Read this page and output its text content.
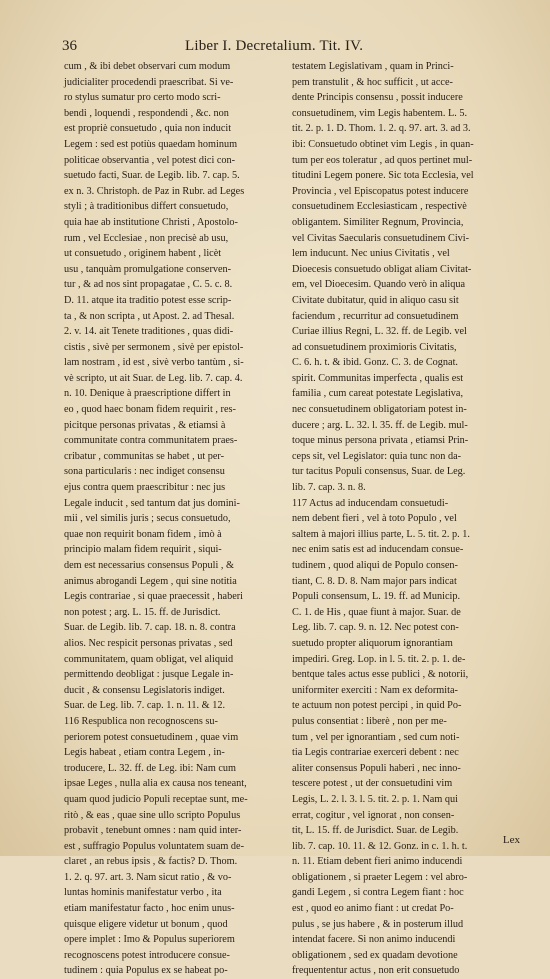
36	Liber I. Decretalium. Tit. IV.
cum , & ibi debet observari cum modum
judicialiter procedendi praescribat. Si ve-
ro stylus sumatur pro certo modo scri-
bendi , loquendi , respondendi , &c. non
est propriè consuetudo , quia non inducit
Legem : sed est potiùs quaedam hominum
politicae observantia , vel potest dici con-
suetudo facti, Suar. de Legib. lib. 7. cap. 5.
ex n. 3. Christoph. de Paz in Rubr. ad Leges
styli ; à traditionibus differt consuetudo,
quia hae ab institutione Christi , Apostolo-
rum , vel Ecclesiae , non precisè ab usu,
ut consuetudo , originem habent , licèt
usu , tanquàm promulgatione conserven-
tur , & ad nos sint propagatae , C. 5. c. 8.
D. 11. atque ita traditio potest esse scrip-
ta , & non scripta , ut Apost. 2. ad Thesal.
2. v. 14. ait Tenete traditiones , quas didi-
cistis , sivè per sermonem , sivè per epistol-
lam nostram , id est , sivè verbo tantùm , si-
vè scripto, ut ait Suar. de Leg. lib. 7. cap. 4.
n. 10. Denique à praescriptione differt in
eo , quod haec bonam fidem requirit , res-
picitque personas privatas , & etiamsi à
communitate contra communitatem praes-
cribatur , communitas se habet , ut per-
sona particularis : nec indiget consensu
ejus contra quem praescribitur : nec jus
Legale inducit , sed tantum dat jus domini-
mii , vel similis juris ; secus consuetudo,
quae non requirit bonam fidem , imò à
principio malam fidem requirit , siqui-
dem est necessarius consensus Populi , &
animus abrogandi Legem , qui sine notitia
Legis contrariae , si quae praecessit , haberi
non potest ; arg. L. 15. ff. de Jurisdict.
Suar. de Legib. lib. 7. cap. 18. n. 8. contra
alios. Nec respicit personas privatas , sed
communitatem, quam obligat, vel aliquid
permittendo deobligat : jusque Legale in-
ducit , & consensu Legislatoris indiget.
Suar. de Leg. lib. 7. cap. 1. n. 11. & 12.
116 Respublica non recognoscens su-
periorem potest consuetudinem , quae vim
Legis habeat , etiam contra Legem , in-
troducere, L. 32. ff. de Leg. ibi: Nam cum
ipsae Leges , nulla alia ex causa nos teneant,
quam quod judicio Populi receptae sunt, me-
ritò , & eas , quae sine ullo scripto Populus
probavit , tenebunt omnes : nam quid inter-
est , suffragio Populus voluntatem suam de-
claret , an rebus ipsis , & factis? D. Thom.
1. 2. q. 97. art. 3. Nam sicut ratio , & vo-
luntas hominis manifestatur verbo , ita
etiam manifestatur facto , hoc enim unus-
quisque eligere videtur ut bonum , quod
opere implet : Imo & Populus superiorem
recognoscens potest introducere consue-
tudinem : quia Populus ex se habeat po-
testatem Legislativam , quam in Princi-
pem transtulit , & hoc sufficit , ut acce-
dente Principis consensu , possit inducere
consuetudinem, vim Legis habentem. L. 5.
tit. 2. p. 1. D. Thom. 1. 2. q. 97. art. 3. ad 3.
ibi: Consuetudo obtinet vim Legis , in quan-
tum per eos toleratur , ad quos pertinet mul-
titudini Legem ponere. Sic tota Ecclesia, vel
Provincia , vel Episcopatus potest inducere
consuetudinem Ecclesiasticam , respectivè
obligantem. Similiter Regnum, Provincia,
vel Civitas Saecularis consuetudinem Civi-
lem inducunt. Nec unius Civitatis , vel
Dioecesis consuetudo obligat aliam Civitat-
em, vel Dioecesim. Quando verò in aliqua
Civitate dubitatur, quid in aliquo casu sit
faciendum , recurritur ad consuetudinem
Curiae illius Regni, L. 32. ff. de Legib. vel
ad consuetudinem proximioris Civitatis,
C. 6. h. t. & ibid. Gonz. C. 3. de Cognat.
spirit. Communitas imperfecta , qualis est
familia , cum careat potestate Legislativa,
nec consuetudinem obligatoriam potest in-
ducere ; arg. L. 32. l. 35. ff. de Legib. mul-
toque minus persona privata , etiamsi Prin-
ceps sit, vel Legislator: quia tunc non da-
tur tacitus Populi consensus, Suar. de Leg.
lib. 7. cap. 3. n. 8.
117 Actus ad inducendam consuetudi-
nem debent fieri , vel à toto Populo , vel
saltem à majori illius parte, L. 5. tit. 2. p. 1.
nec enim satis est ad inducendam consue-
tudinem , quod aliqui de Populo consen-
tiant, C. 8. D. 8. Nam major pars indicat
Populi consensum, L. 19. ff. ad Municip.
C. 1. de His , quae fiunt à major. Suar. de
Leg. lib. 7. cap. 9. n. 12. Nec potest con-
suetudo propter aliquorum ignorantiam
impediri. Greg. Lop. in l. 5. tit. 2. p. 1. de-
bentque tales actus esse publici , & notorii,
uniformiter exerciti : Nam ex deformita-
te actuum non potest percipi , in quid Po-
pulus consentiat : liberè , non per me-
tum , vel per ignorantiam , sed cum noti-
tia Legis contrariae exerceri debent : nec
aliter consensus Populi haberi , nec inno-
tescere potest , ut der consuetudini vim
Legis, L. 2. l. 3. l. 5. tit. 2. p. 1. Nam qui
errat, cogitur , vel ignorat , non consen-
tit, L. 15. ff. de Jurisdict. Suar. de Legib.
lib. 7. cap. 10. 11. & 12. Gonz. in c. 1. h. t.
n. 11. Etiam debent fieri animo inducendi
obligationem , si praeter Legem : vel abro-
gandi Legem , si contra Legem fiant : hoc
est , quod eo animo fiant : ut credat Po-
pulus , se jus habere , & in posterum illud
intendat facere. Si non animo inducendi
obligationem , sed ex quadam devotione
frequententur actus , non erit consuetudo
Lex
